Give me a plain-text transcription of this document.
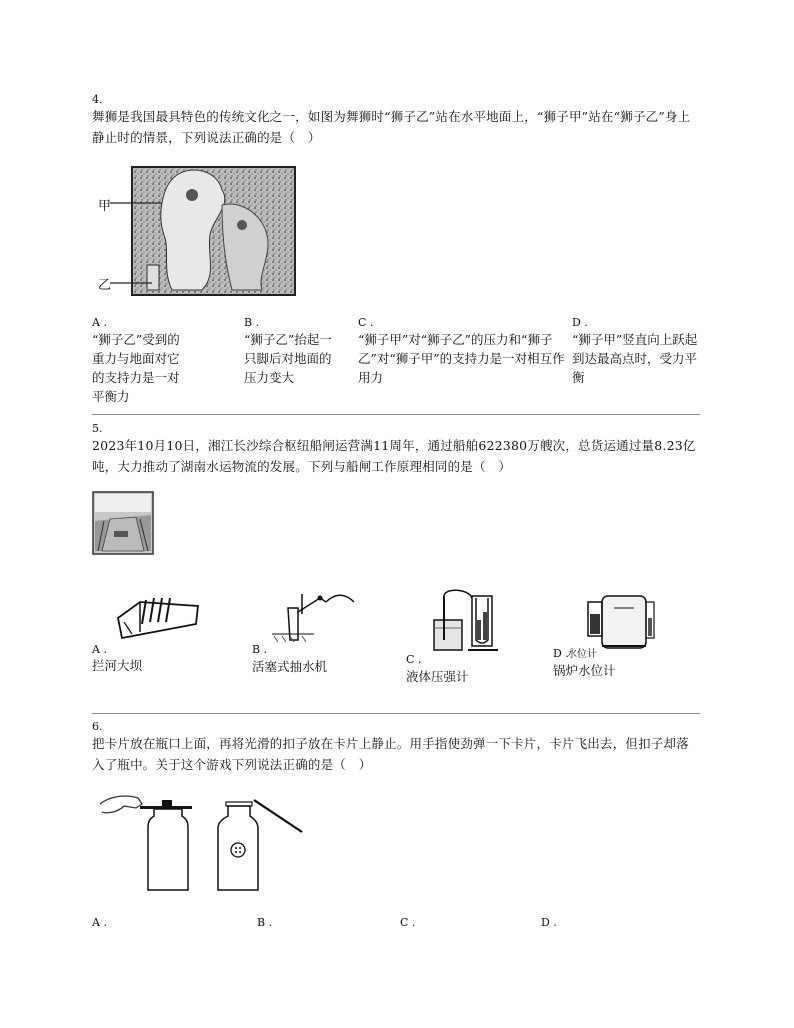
4.
舞狮是我国最具特色的传统文化之一，如图为舞狮时“狮子乙”站在水平地面上，“狮子甲”站在“狮子乙”身上静止时的情景，下列说法正确的是（　）
甲
乙
A .
“狮子乙”受到的重力与地面对它的支持力是一对平衡力
B .
“狮子乙”抬起一只脚后对地面的压力变大
C .
“狮子甲”对“狮子乙”的压力和“狮子乙”对“狮子甲”的支持力是一对相互作用力
D .
“狮子甲”竖直向上跃起到达最高点时，受力平衡
5.
2023年10月10日，湘江长沙综合枢纽船闸运营满11周年，通过船舶622380万艘次，总货运通过量8.23亿吨，大力推动了湖南水运物流的发展。下列与船闸工作原理相同的是（　）
A .
拦河大坝
B .
活塞式抽水机	C .
液体压强计
D .
水位计
锅炉水位计
6.
把卡片放在瓶口上面，再将光滑的扣子放在卡片上静止。用手指使劲弹一下卡片，卡片飞出去，但扣子却落入了瓶中。关于这个游戏下列说法正确的是（　）
A .	B .	C .	D .
